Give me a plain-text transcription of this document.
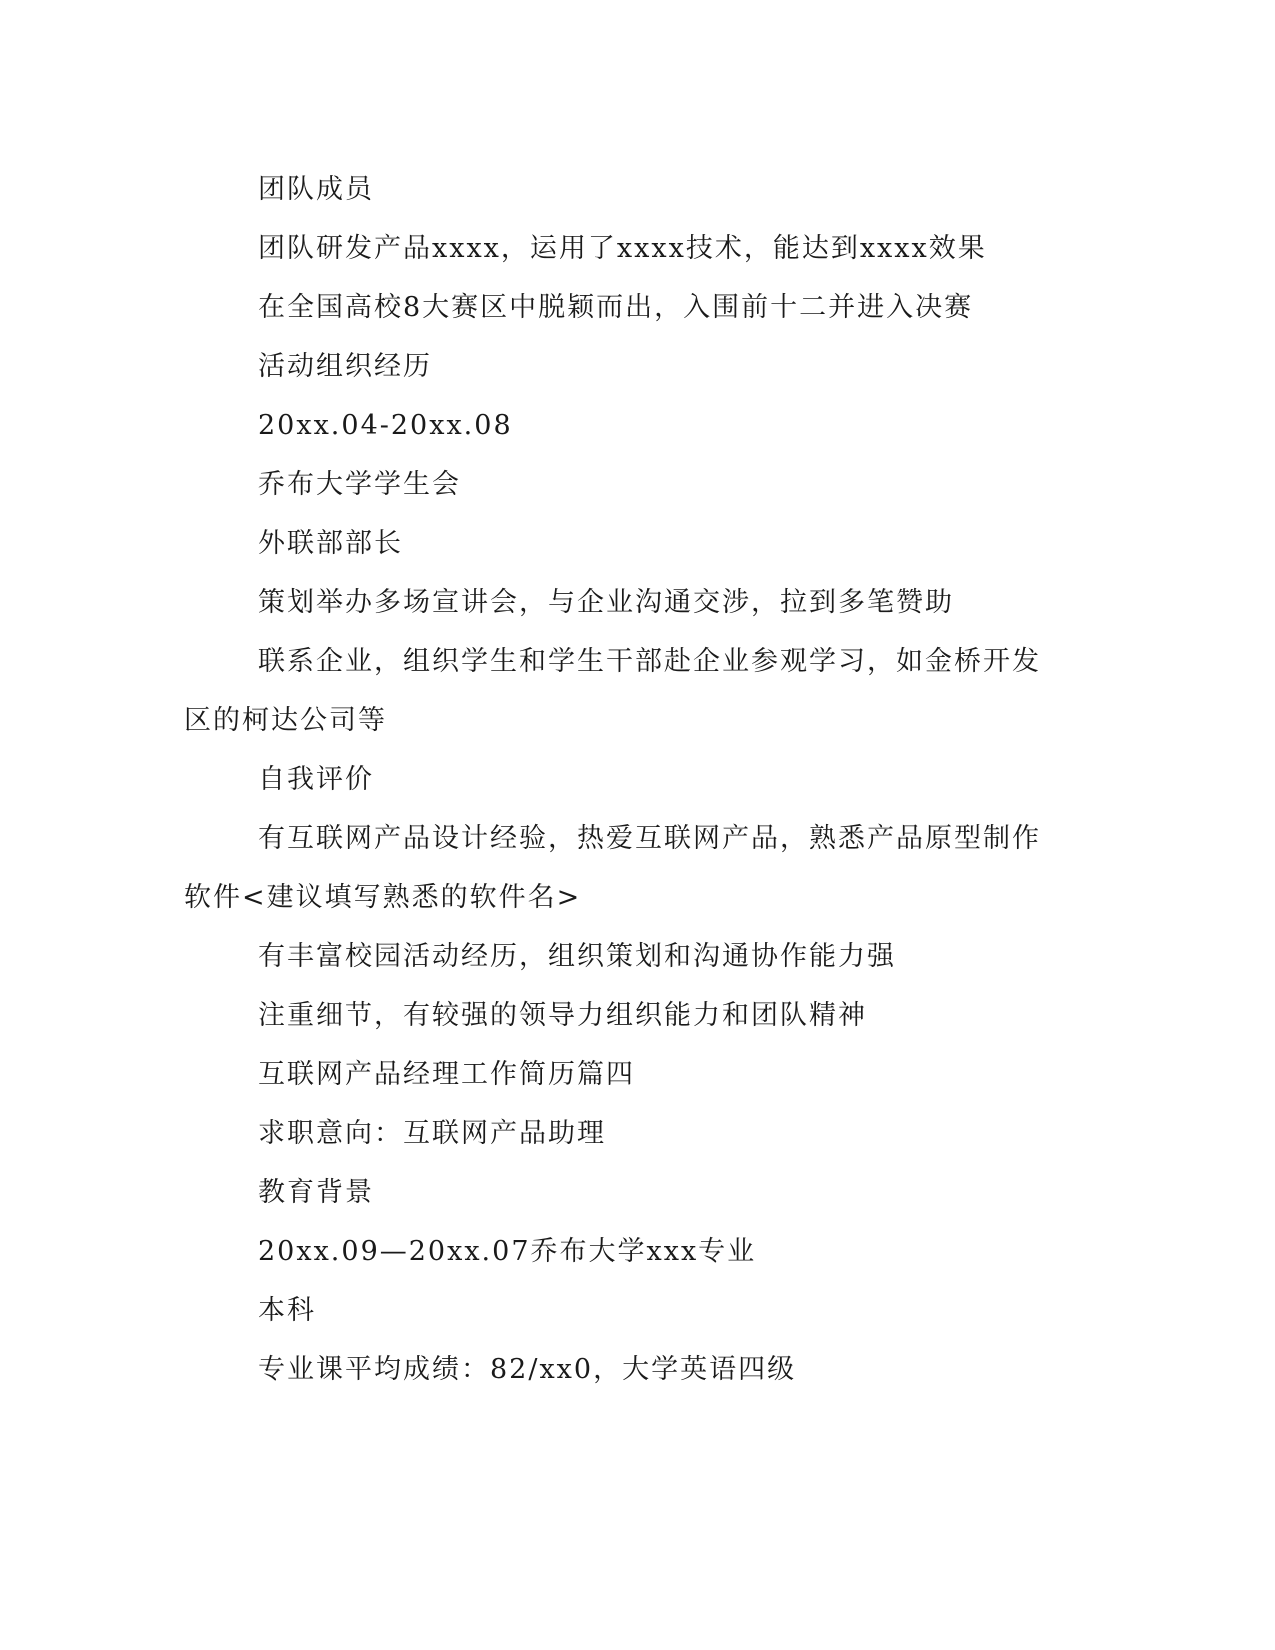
团队成员

团队研发产品xxxx，运用了xxxx技术，能达到xxxx效果

在全国高校8大赛区中脱颖而出，入围前十二并进入决赛

活动组织经历

20xx.04-20xx.08

乔布大学学生会

外联部部长

策划举办多场宣讲会，与企业沟通交涉，拉到多笔赞助

联系企业，组织学生和学生干部赴企业参观学习，如金桥开发区的柯达公司等

自我评价

有互联网产品设计经验，热爱互联网产品，熟悉产品原型制作软件<建议填写熟悉的软件名>

有丰富校园活动经历，组织策划和沟通协作能力强

注重细节，有较强的领导力组织能力和团队精神

互联网产品经理工作简历篇四

求职意向：互联网产品助理

教育背景

20xx.09—20xx.07乔布大学xxx专业

本科

专业课平均成绩：82/xx0，大学英语四级
